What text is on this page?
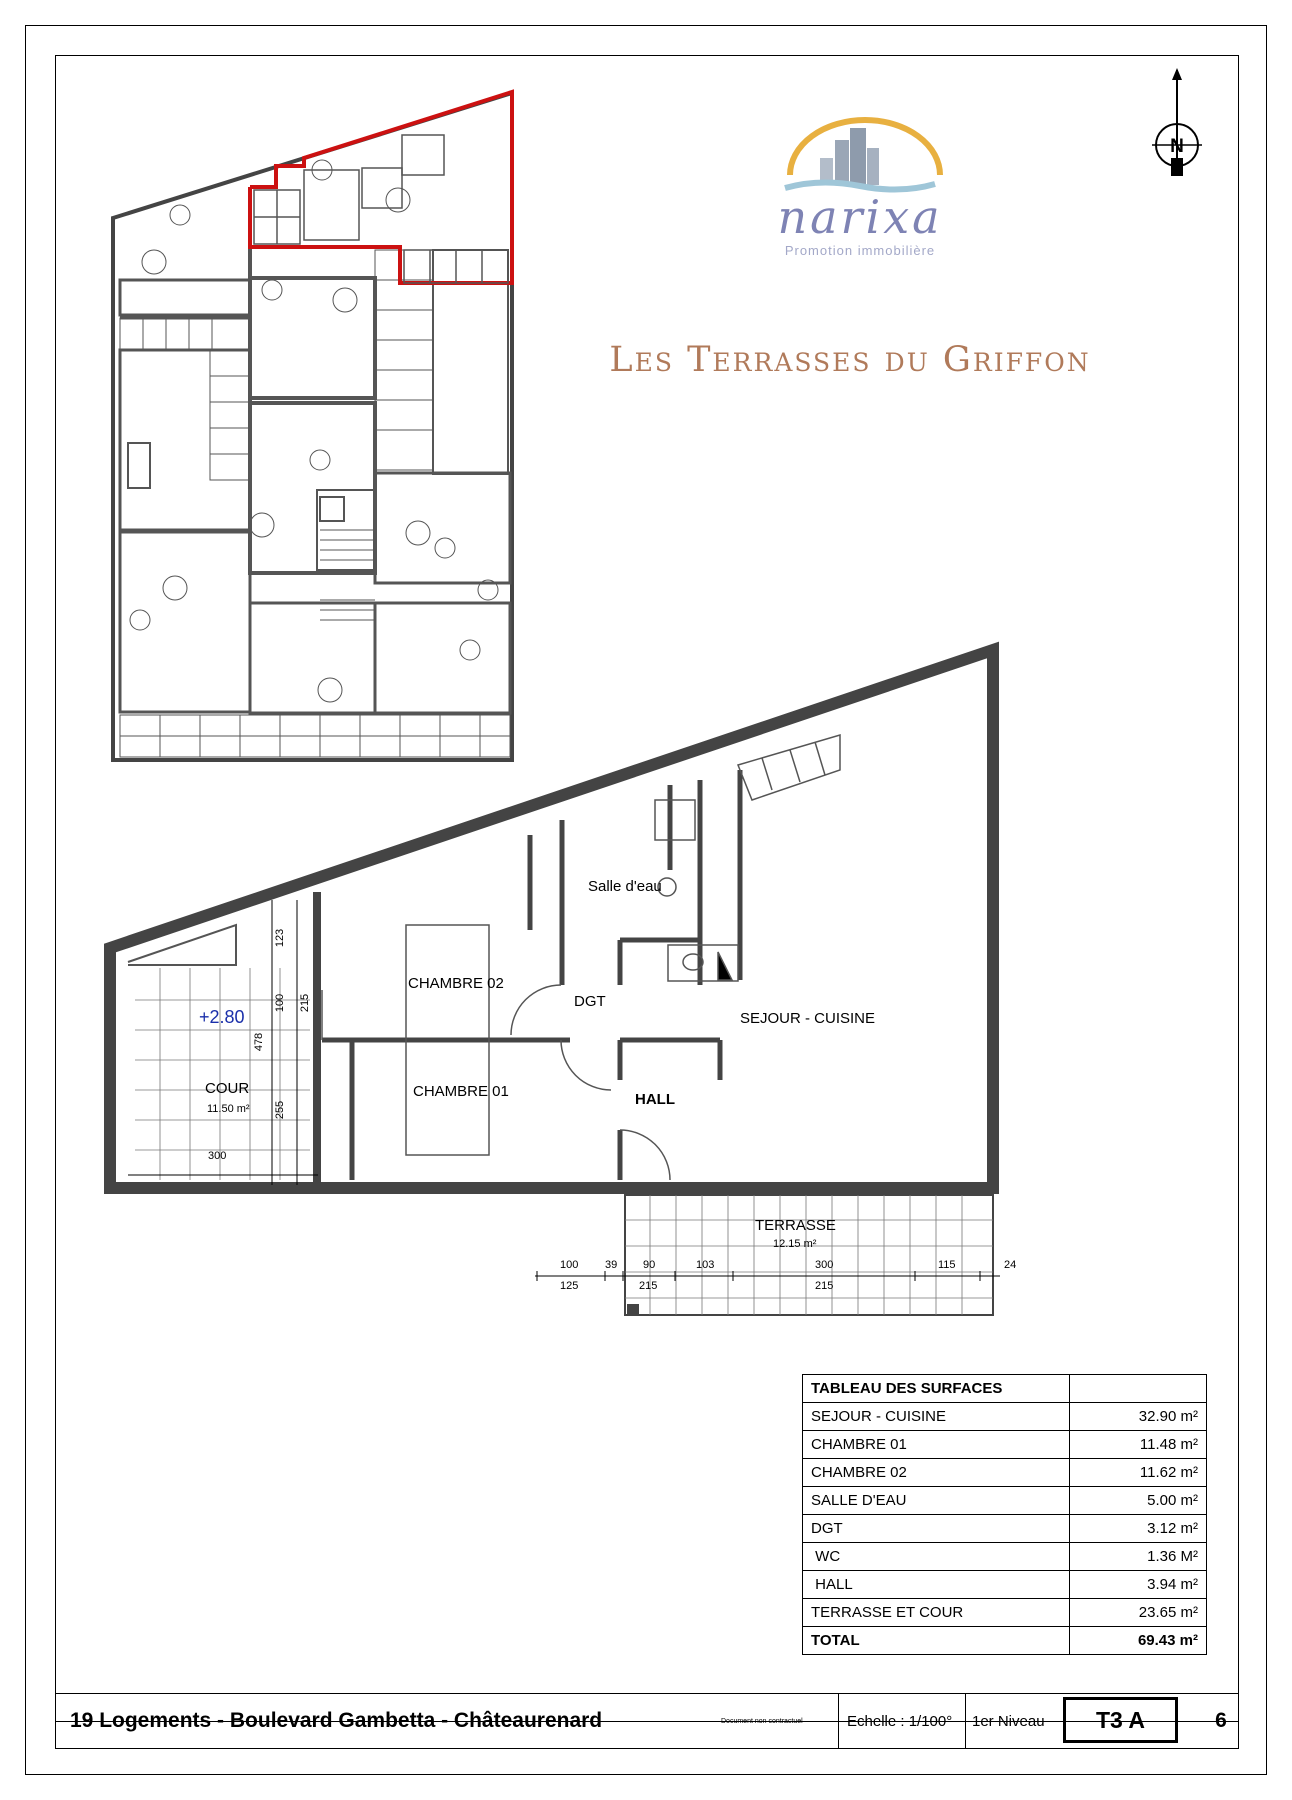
N
narixa
Promotion immobilière
Les Terrasses du Griffon
Salle d'eau
CHAMBRE 02
DGT
SEJOUR - CUISINE
CHAMBRE 01	HALL
+2.80
COUR
11.50 m²
TERRASSE
12.15 m²
300
123
100 215
478
255
100 39 90	103	300	115	24
125	215	215
TABLEAU DES SURFACES	
SEJOUR - CUISINE	32.90 m²
CHAMBRE 01	11.48 m²
CHAMBRE 02	11.62 m²
SALLE D'EAU	5.00 m²
DGT	3.12 m²
WC	1.36 M²
HALL	3.94 m²
TERRASSE ET COUR	23.65 m²
TOTAL	69.43 m²
19 Logements - Boulevard Gambetta - Châteaurenard	Document non contractuel	Echelle : 1/100°	1er Niveau	6
T3 A
